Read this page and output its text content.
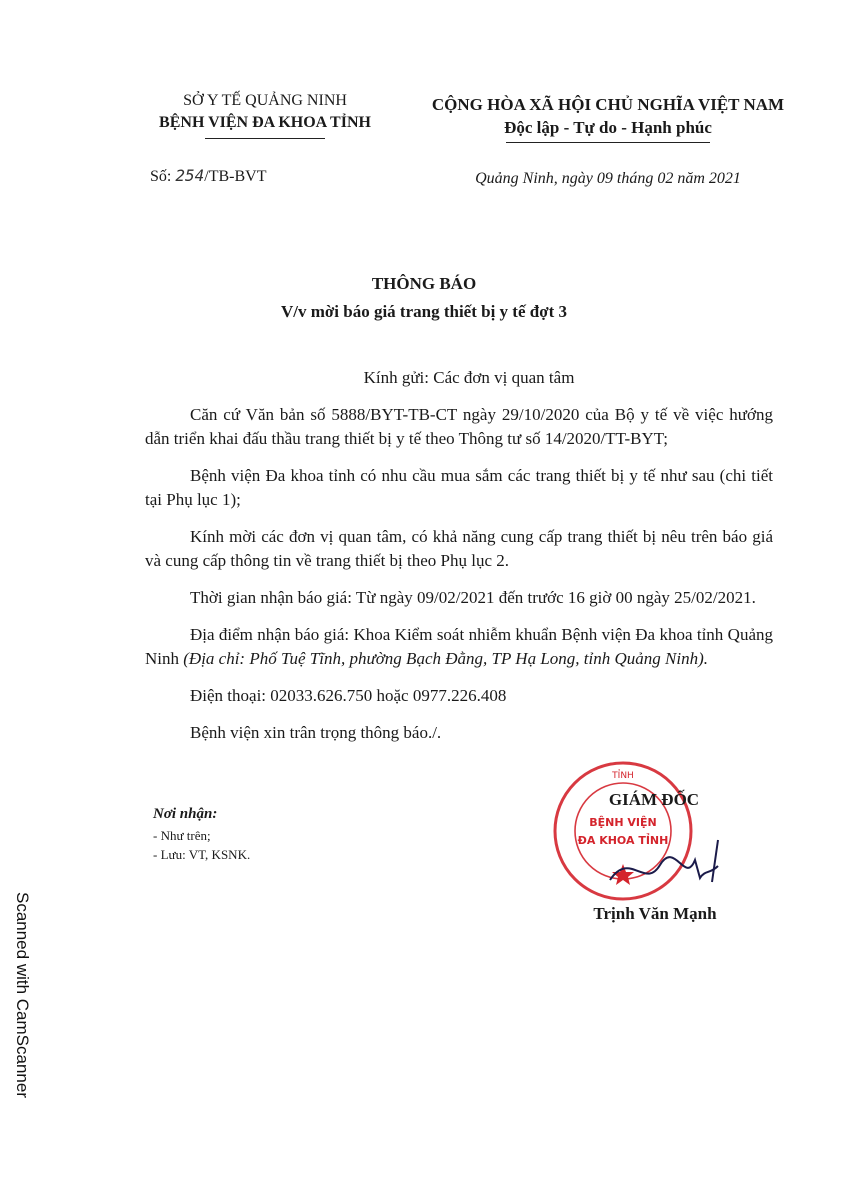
SỞ Y TẾ QUẢNG NINH
BỆNH VIỆN ĐA KHOA TỈNH
Số: 254/TB-BVT
CỘNG HÒA XÃ HỘI CHỦ NGHĨA VIỆT NAM
Độc lập - Tự do - Hạnh phúc
Quảng Ninh, ngày 09 tháng 02 năm 2021
THÔNG BÁO
V/v mời báo giá trang thiết bị y tế đợt 3

Kính gửi: Các đơn vị quan tâm

Căn cứ Văn bản số 5888/BYT-TB-CT ngày 29/10/2020 của Bộ y tế về việc hướng dẫn triển khai đấu thầu trang thiết bị y tế theo Thông tư số 14/2020/TT-BYT;

Bệnh viện Đa khoa tỉnh có nhu cầu mua sắm các trang thiết bị y tế như sau (chi tiết tại Phụ lục 1);

Kính mời các đơn vị quan tâm, có khả năng cung cấp trang thiết bị nêu trên báo giá và cung cấp thông tin về trang thiết bị theo Phụ lục 2.

Thời gian nhận báo giá: Từ ngày 09/02/2021 đến trước 16 giờ 00 ngày 25/02/2021.

Địa điểm nhận báo giá: Khoa Kiểm soát nhiễm khuẩn Bệnh viện Đa khoa tỉnh Quảng Ninh (Địa chỉ: Phố Tuệ Tĩnh, phường Bạch Đằng, TP Hạ Long, tỉnh Quảng Ninh).

Điện thoại: 02033.626.750 hoặc 0977.226.408

Bệnh viện xin trân trọng thông báo./.

Nơi nhận:
- Như trên;
- Lưu: VT, KSNK.
TỈNH
BỆNH VIỆN
ĐA KHOA TỈNH
GIÁM ĐỐC
Trịnh Văn Mạnh
Scanned with CamScanner
